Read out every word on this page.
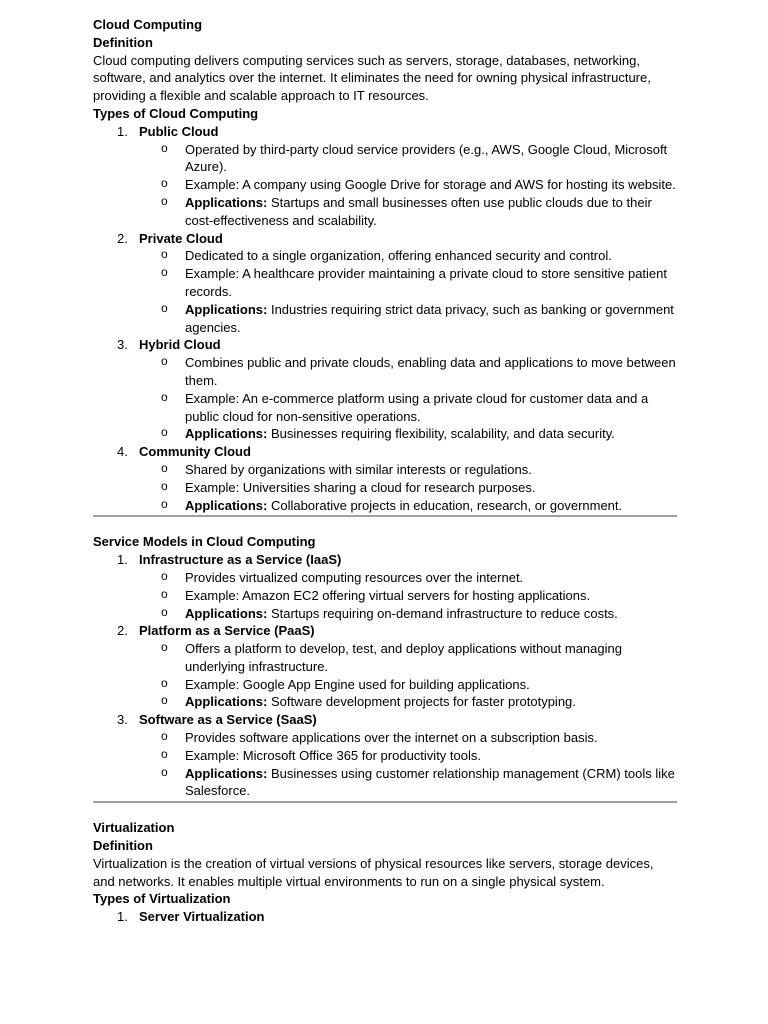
Cloud Computing

Definition

Cloud computing delivers computing services such as servers, storage, databases, networking, software, and analytics over the internet. It eliminates the need for owning physical infrastructure, providing a flexible and scalable approach to IT resources.

Types of Cloud Computing

1. Public Cloud
o Operated by third-party cloud service providers (e.g., AWS, Google Cloud, Microsoft Azure).
o Example: A company using Google Drive for storage and AWS for hosting its website.
o Applications: Startups and small businesses often use public clouds due to their cost-effectiveness and scalability.
2. Private Cloud
o Dedicated to a single organization, offering enhanced security and control.
o Example: A healthcare provider maintaining a private cloud to store sensitive patient records.
o Applications: Industries requiring strict data privacy, such as banking or government agencies.
3. Hybrid Cloud
o Combines public and private clouds, enabling data and applications to move between them.
o Example: An e-commerce platform using a private cloud for customer data and a public cloud for non-sensitive operations.
o Applications: Businesses requiring flexibility, scalability, and data security.
4. Community Cloud
o Shared by organizations with similar interests or regulations.
o Example: Universities sharing a cloud for research purposes.
o Applications: Collaborative projects in education, research, or government.

Service Models in Cloud Computing

1. Infrastructure as a Service (IaaS)
o Provides virtualized computing resources over the internet.
o Example: Amazon EC2 offering virtual servers for hosting applications.
o Applications: Startups requiring on-demand infrastructure to reduce costs.
2. Platform as a Service (PaaS)
o Offers a platform to develop, test, and deploy applications without managing underlying infrastructure.
o Example: Google App Engine used for building applications.
o Applications: Software development projects for faster prototyping.
3. Software as a Service (SaaS)
o Provides software applications over the internet on a subscription basis.
o Example: Microsoft Office 365 for productivity tools.
o Applications: Businesses using customer relationship management (CRM) tools like Salesforce.

Virtualization

Definition

Virtualization is the creation of virtual versions of physical resources like servers, storage devices, and networks. It enables multiple virtual environments to run on a single physical system.

Types of Virtualization

1. Server Virtualization
